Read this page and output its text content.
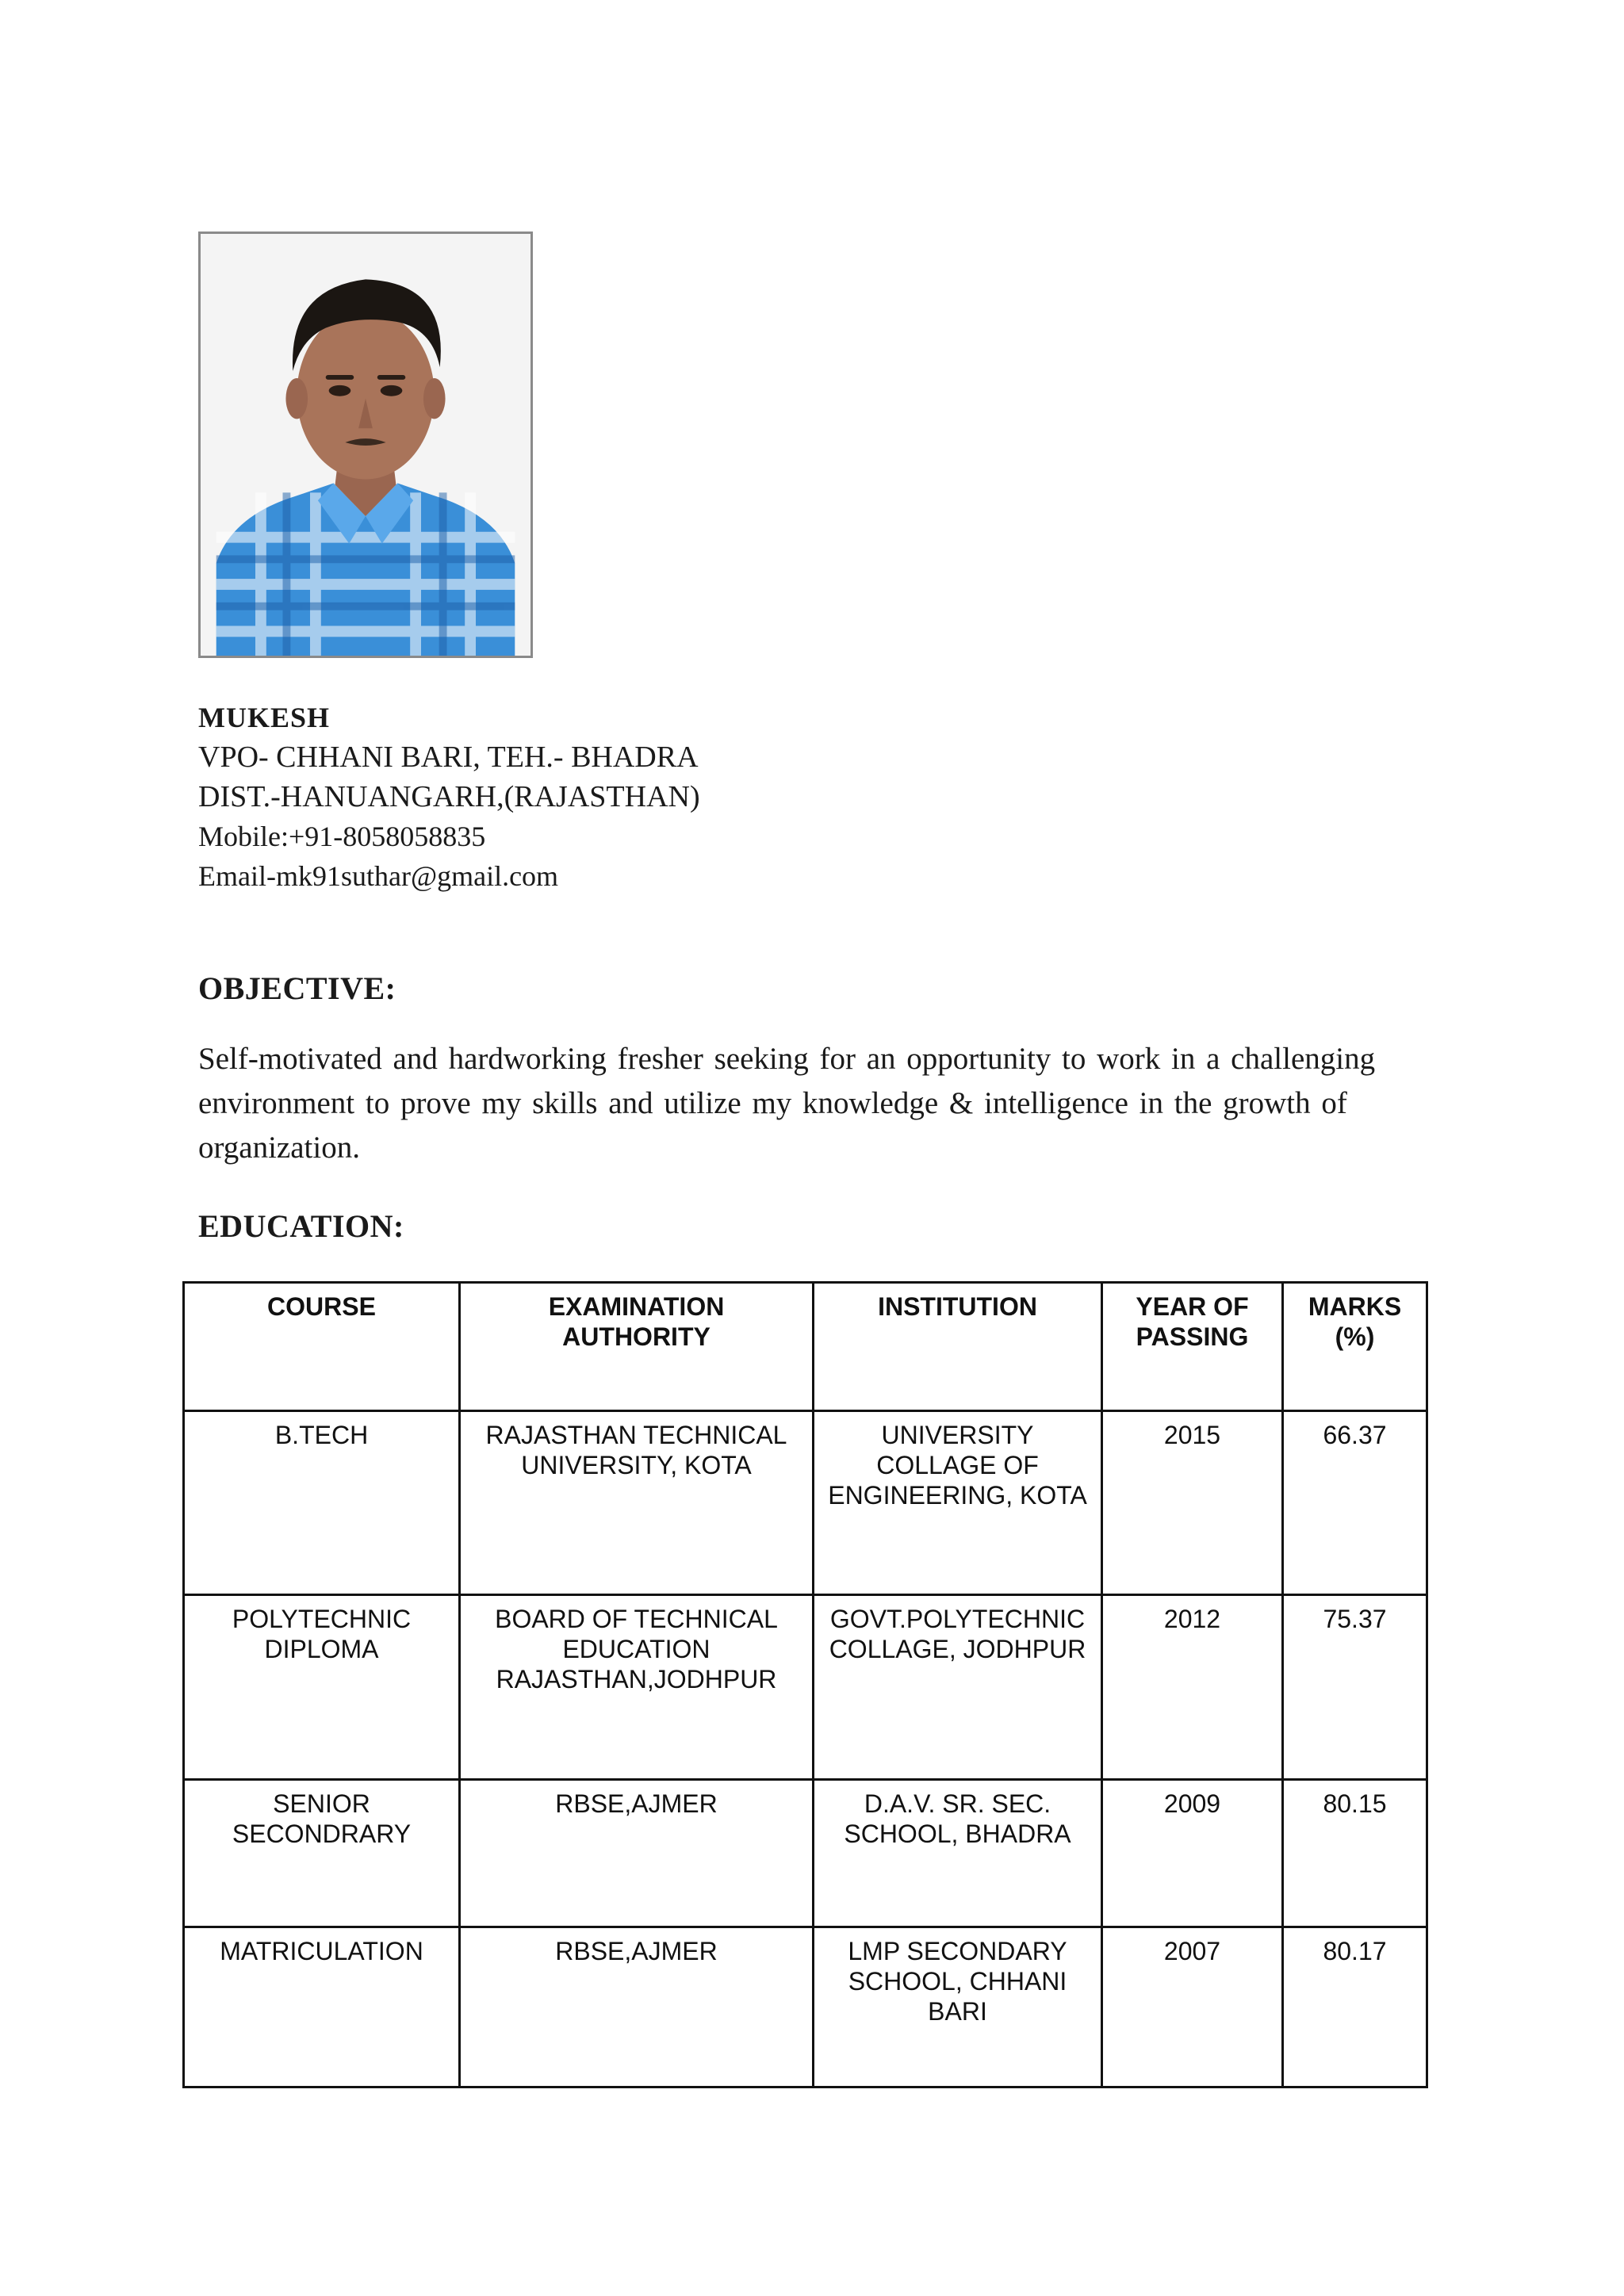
MUKESH
VPO- CHHANI BARI, TEH.- BHADRA
DIST.-HANUANGARH,(RAJASTHAN)
Mobile:+91-8058058835
Email-mk91suthar@gmail.com
OBJECTIVE:
Self-motivated and hardworking fresher seeking for an opportunity to work in a challenging environment to prove my skills and utilize my knowledge & intelligence in the growth of organization.
EDUCATION:
COURSE	EXAMINATION AUTHORITY	INSTITUTION	YEAR OF PASSING	MARKS (%)
B.TECH	RAJASTHAN TECHNICAL UNIVERSITY, KOTA	UNIVERSITY COLLAGE OF ENGINEERING, KOTA	2015	66.37
POLYTECHNIC DIPLOMA	BOARD OF TECHNICAL EDUCATION RAJASTHAN,JODHPUR	GOVT.POLYTECHNIC COLLAGE, JODHPUR	2012	75.37
SENIOR SECONDRARY	RBSE,AJMER	D.A.V. SR. SEC. SCHOOL, BHADRA	2009	80.15
MATRICULATION	RBSE,AJMER	LMP SECONDARY SCHOOL, CHHANI BARI	2007	80.17
